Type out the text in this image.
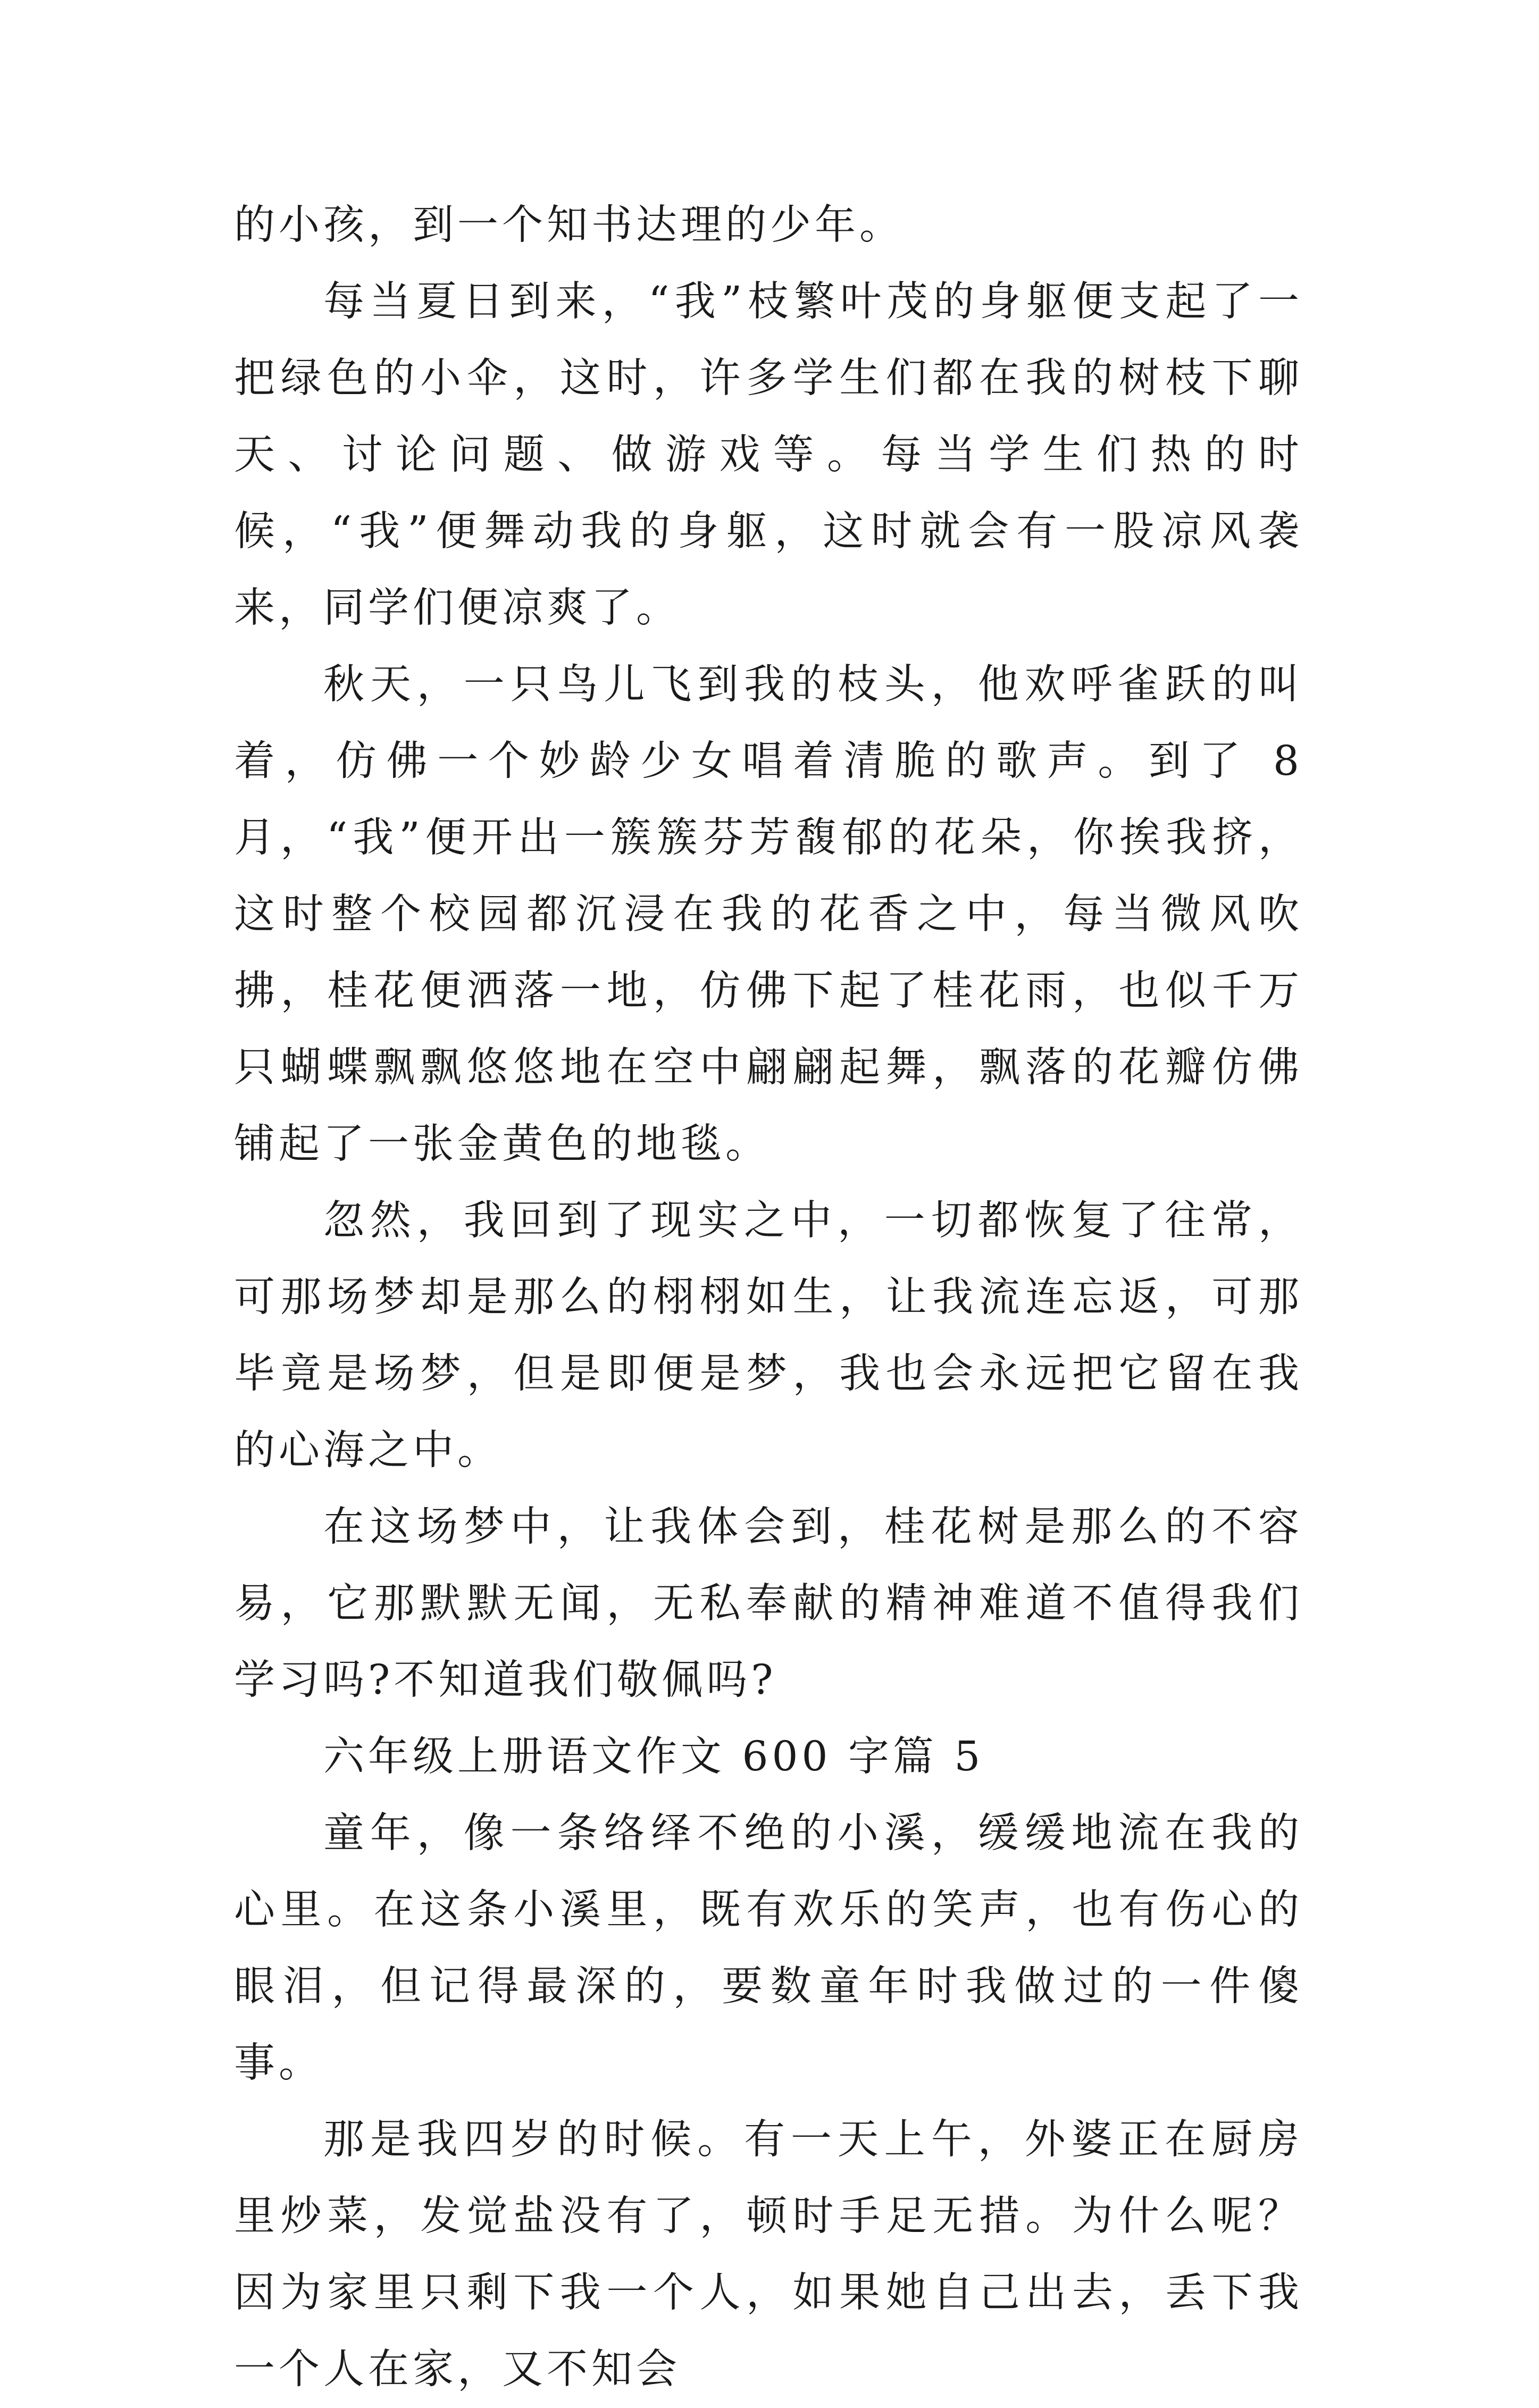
的小孩，到一个知书达理的少年。

每当夏日到来，“我”枝繁叶茂的身躯便支起了一把绿色的小伞，这时，许多学生们都在我的树枝下聊天、讨论问题、做游戏等。每当学生们热的时候，“我”便舞动我的身躯，这时就会有一股凉风袭来，同学们便凉爽了。

秋天，一只鸟儿飞到我的枝头，他欢呼雀跃的叫着，仿佛一个妙龄少女唱着清脆的歌声。到了 8 月，“我”便开出一簇簇芬芳馥郁的花朵，你挨我挤，这时整个校园都沉浸在我的花香之中，每当微风吹拂，桂花便洒落一地，仿佛下起了桂花雨，也似千万只蝴蝶飘飘悠悠地在空中翩翩起舞，飘落的花瓣仿佛铺起了一张金黄色的地毯。

忽然，我回到了现实之中，一切都恢复了往常，可那场梦却是那么的栩栩如生，让我流连忘返，可那毕竟是场梦，但是即便是梦，我也会永远把它留在我的心海之中。

在这场梦中，让我体会到，桂花树是那么的不容易，它那默默无闻，无私奉献的精神难道不值得我们学习吗?不知道我们敬佩吗?

六年级上册语文作文 600 字篇 5

童年，像一条络绎不绝的小溪，缓缓地流在我的心里。在这条小溪里，既有欢乐的笑声，也有伤心的眼泪，但记得最深的，要数童年时我做过的一件傻事。

那是我四岁的时候。有一天上午，外婆正在厨房里炒菜，发觉盐没有了，顿时手足无措。为什么呢？因为家里只剩下我一个人，如果她自己出去，丢下我一个人在家，又不知会
